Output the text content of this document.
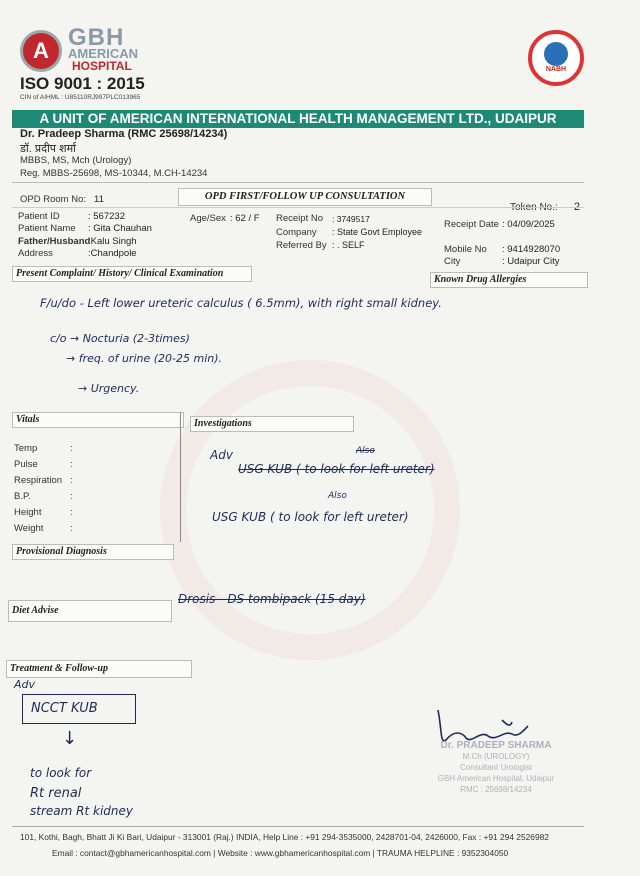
A GBH
AMERICAN
HOSPITAL
ISO 9001 : 2015
CIN of AIHML : U85110RJ997PLC013965
NABH
A UNIT OF AMERICAN INTERNATIONAL HEALTH MANAGEMENT LTD., UDAIPUR
Dr. Pradeep Sharma (RMC 25698/14234)
डॉ. प्रदीप शर्मा
MBBS, MS, Mch (Urology)
Reg. MBBS-25698, MS-10344, M.CH-14234
OPD Room No: 11	OPD FIRST/FOLLOW UP CONSULTATION
Token No.: 2
Patient ID	: 567232
Patient Name : Gita Chauhan
Father/Husband
:Kalu Singh
Address	:Chandpole
Age/Sex : 62 / F Receipt No : 3749517
Company : State Govt Employee
Referred By : . SELF
Receipt Date : 04/09/2025
Mobile No : 9414928070
City	: Udaipur City
Present Complaint/ History/ Clinical Examination
Known Drug Allergies
F/u/do - Left lower ureteric calculus ( 6.5mm), with right small kidney.
c/o → Nocturia (2-3times)
→ freq. of urine (20-25 min).
→ Urgency.
Vitals
Temp	:
Pulse	:
Respiration :
B.P.	:
Height	:
Weight	:
Investigations
Adv	Also
USG KUB ( to look for left ureter)
Also
USG KUB ( to look for left ureter)
Provisional Diagnosis
Diet Advise
Drosis - DS tombipack (15 day)
Treatment & Follow-up
Adv
NCCT KUB
↓
to look for
Rt renal
stream Rt kidney
Dr. PRADEEP SHARMA
M.Ch (UROLOGY)
Consultant Urologist
GBH American Hospital, Udaipur
RMC : 25698/14234
101, Kothi, Bagh, Bhatt Ji Ki Bari, Udaipur - 313001 (Raj.) INDIA, Help Line : +91 294-3535000, 2428701-04, 2426000, Fax : +91 294 2526982
Email : contact@gbhamericanhospital.com | Website : www.gbhamericanhospital.com | TRAUMA HELPLINE : 9352304050
